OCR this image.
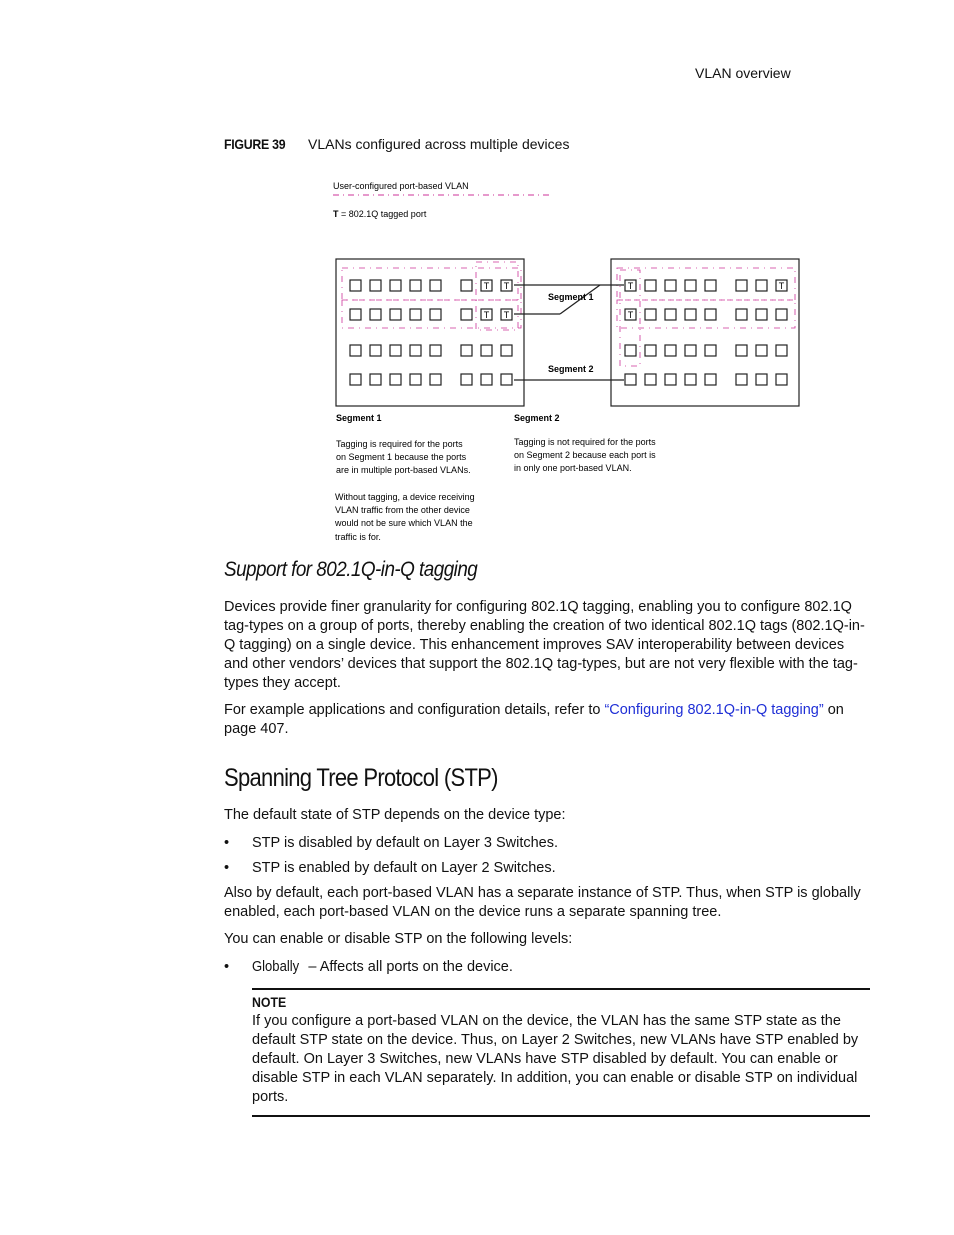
VLAN overview
FIGURE 39 VLANs configured across multiple devices
User-configured port-based VLAN
T = 802.1Q tagged port
T T
T T
T	T
T
Segment 1
Segment 2
Segment 1	Segment 2
Tagging is required for the ports on Segment 1 because the ports are in multiple port-based VLANs.
Without tagging, a device receiving VLAN traffic from the other device would not be sure which VLAN the traffic is for.
Tagging is not required for the ports on Segment 2 because each port is in only one port-based VLAN.
Support for 802.1Q-in-Q tagging
Devices provide finer granularity for configuring 802.1Q tagging, enabling you to configure 802.1Q tag-types on a group of ports, thereby enabling the creation of two identical 802.1Q tags (802.1Q-in-Q tagging) on a single device. This enhancement improves SAV interoperability between devices and other vendors’ devices that support the 802.1Q tag-types, but are not very flexible with the tag-types they accept.
For example applications and configuration details, refer to “Configuring 802.1Q-in-Q tagging” on page 407.
Spanning Tree Protocol (STP)
The default state of STP depends on the device type:
• STP is disabled by default on Layer 3 Switches.
• STP is enabled by default on Layer 2 Switches.
Also by default, each port-based VLAN has a separate instance of STP. Thus, when STP is globally enabled, each port-based VLAN on the device runs a separate spanning tree.
You can enable or disable STP on the following levels:
• Globally – Affects all ports on the device.
NOTE
If you configure a port-based VLAN on the device, the VLAN has the same STP state as the default STP state on the device. Thus, on Layer 2 Switches, new VLANs have STP enabled by default. On Layer 3 Switches, new VLANs have STP disabled by default. You can enable or disable STP in each VLAN separately. In addition, you can enable or disable STP on individual ports.
